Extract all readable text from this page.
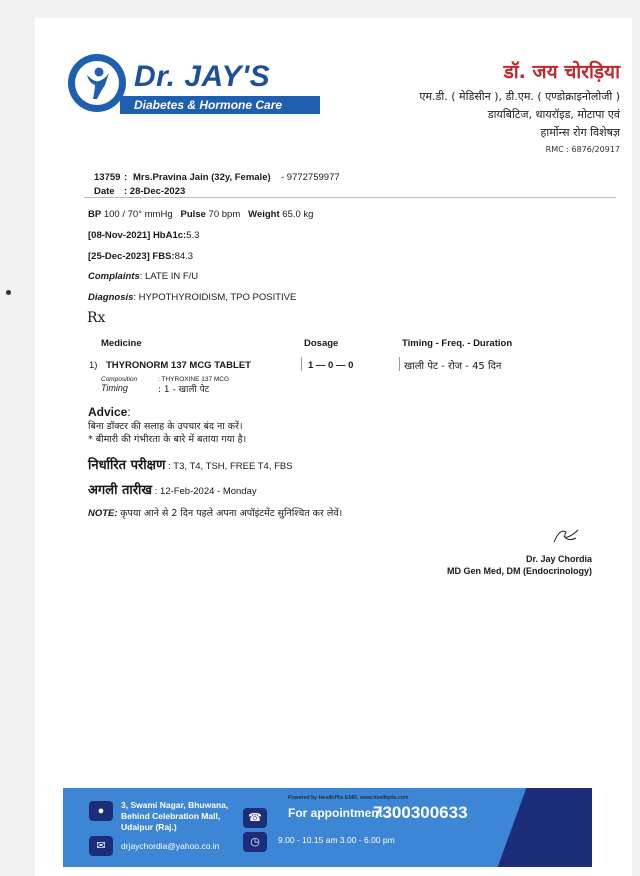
Dr. JAY'S
Diabetes & Hormone Care Centre
डॉ. जय चोरड़िया
एम.डी. ( मेडिसीन ), डी.एम. ( एण्डोक्राइनोलोजी )
डायबिटिज, थायरॉइड, मोटापा एवं
हार्मोन्स रोग विशेषज्ञ
RMC : 6876/20917
13759 : Mrs.Pravina Jain (32y, Female) - 9772759977
Date : 28-Dec-2023
BP 100 / 70° mmHg Pulse 70 bpm Weight 65.0 kg
[08-Nov-2021] HbA1c:5.3
[25-Dec-2023] FBS:84.3
Complaints: LATE IN F/U
Diagnosis: HYPOTHYROIDISM, TPO POSITIVE
Rx
Medicine	Dosage	Timing - Freq. - Duration
1) THYRONORM 137 MCG TABLET	1 — 0 — 0	खाली पेट - रोज - 45 दिन
Composition	: THYROXINE 137 MCG
Timing	: 1 - खाली पेट
Advice:
बिना डॉक्टर की सलाह के उपचार बंद ना करें।
* बीमारी की गंभीरता के बारे में बताया गया है।
निर्धारित परीक्षण : T3, T4, TSH, FREE T4, FBS
अगली तारीख : 12-Feb-2024 - Monday
NOTE: कृपया आने से 2 दिन पहले अपना अपॉइंटमेंट सुनिश्चित कर लेवें।
Dr. Jay Chordia
MD Gen Med, DM (Endocrinology)
●	3, Swami Nagar, Bhuwana,
Behind Celebration Mall,
Udaipur (Raj.)
✉	drjaychordia@yahoo.co.in
☎
◷
Powered by HealthPlix EMR. www.healthplix.com
For appointment :
7300300633
9.00 - 10.15 am 3.00 - 6.00 pm
